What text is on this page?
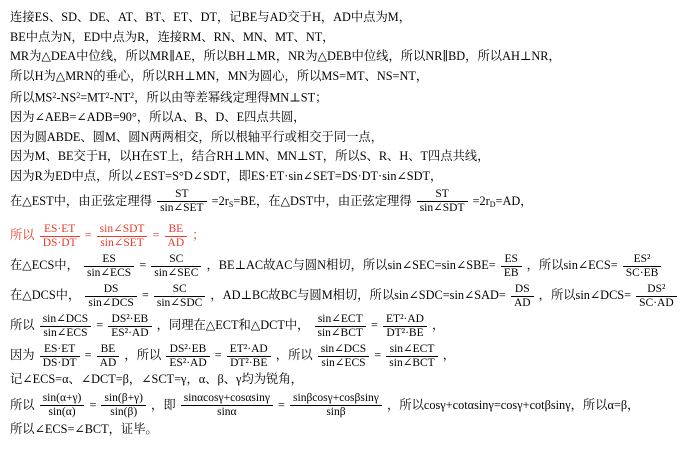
连接ES、SD、DE、AT、BT、ET、DT，记BE与AD交于H，AD中点为M，
BE中点为N，ED中点为R，连接RM、RN、MN、MT、NT，
MR为△DEA中位线，所以MR∥AE，所以BH⊥MR，NR为△DEB中位线，所以NR∥BD，所以AH⊥NR，
所以H为△MRN的垂心，所以RH⊥MN，MN为圆心，所以MS=MT、NS=NT，
所以$MS^2-NS^2=MT^2-NT^2$，所以由等差幂线定理得MN⊥ST；
因为∠AEB=∠ADB=90°，所以A、B、D、E四点共圆，
因为圆ABDE、圆M、圆N两两相交，所以根轴平行或相交于同一点，
因为M、BE交于H，以H在ST上，结合RH⊥MN、MN⊥ST，所以S、R、H、T四点共线，
因为R为ED中点，所以∠EST=S°D∠SDT，即ES·ET·sin∠SET=DS·DT·sin∠SDT，
在△EST中，由正弦定理得 $\frac{ST}{\text{sin∠SET}} =2r_S=BE$，在△DST中，由正弦定理得 $\frac{ST}{\text{sin∠SDT}} =2r_D=AD$，
所以 $\frac{ES\cdot ET}{DS\cdot DT} = \frac{\text{sin∠SDT}}{\text{sin∠SET}} = \frac{BE}{AD}$ ；
在△ECS中， $\frac{ES}{\text{sin∠ECS}} = \frac{SC}{\text{sin∠SEC}}$ ，BE⊥AC故AC与圆N相切，所以sin∠SEC=sin∠SBE= $\frac{ES}{EB}$ ，所以sin∠ECS= $\frac{\text{ES²}}{SC\cdot EB}$
在△DCS中， $\frac{DS}{\text{sin∠DCS}} = \frac{SC}{\text{sin∠SDC}}$ ，AD⊥BC故BC与圆M相切，所以sin∠SDC=sin∠SAD= $\frac{DS}{AD}$ ，所以sin∠DCS= $\frac{\text{DS²}}{SC\cdot AD}$
所以 $\frac{\text{sin∠DCS}}{\text{sin∠ECS}} = \frac{\text{DS²·EB}}{\text{ES²·AD}}$ ，同理在△ECT和△DCT中， $\frac{\text{sin∠ECT}}{\text{sin∠BCT}} = \frac{\text{ET²·AD}}{\text{DT²·BE}}$ ，
因为 $\frac{ES\cdot ET}{DS\cdot DT} = \frac{BE}{AD}$ ，所以 $\frac{\text{DS²·EB}}{\text{ES²·AD}} = \frac{\text{ET²·AD}}{\text{DT²·BE}}$ ，所以 $\frac{\text{sin∠DCS}}{\text{sin∠ECS}} = \frac{\text{sin∠ECT}}{\text{sin∠BCT}}$ ，
记∠ECS=α、∠DCT=β，∠SCT=γ，α、β、γ均为锐角，
所以 $\frac{\sin(\alpha+\gamma)}{\sin(\alpha)} = \frac{\sin(\beta+\gamma)}{\sin(\beta)}$ ，即 $\frac{\sin\alpha\cos\gamma+\cos\alpha\sin\gamma}{\sin\alpha} = \frac{\sin\beta\cos\gamma+\cos\beta\sin\gamma}{\sin\beta}$ ，所以cosγ+cotαsinγ=cosγ+cotβsinγ，所以α=β，
所以∠ECS=∠BCT，证毕。
